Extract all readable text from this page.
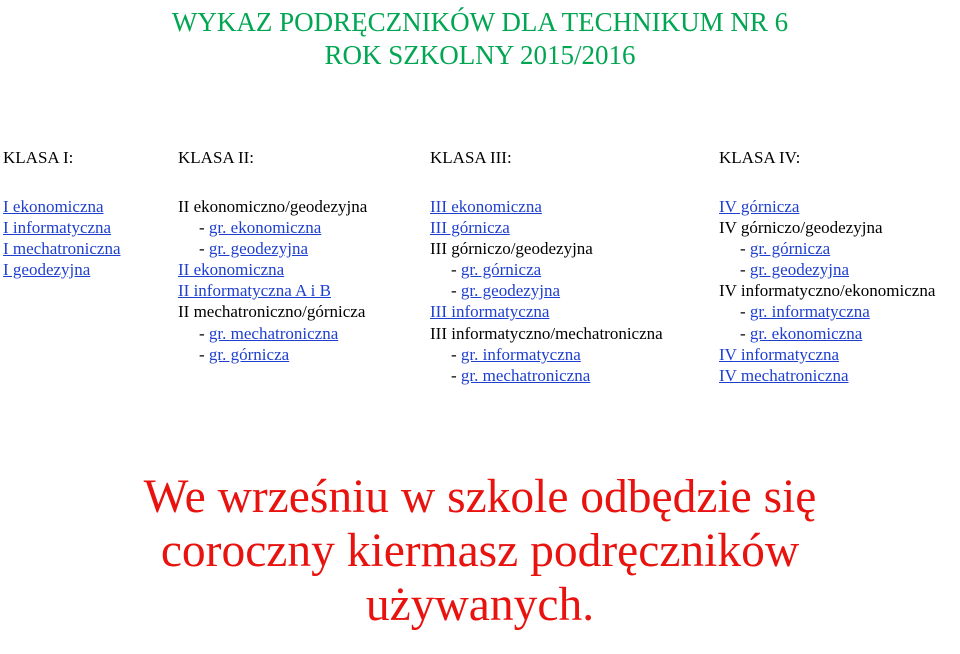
WYKAZ PODRĘCZNIKÓW DLA TECHNIKUM NR 6
ROK SZKOLNY 2015/2016
KLASA I:
I ekonomiczna
I informatyczna
I mechatroniczna
I geodezyjna
KLASA II:
II ekonomiczno/geodezyjna
- gr. ekonomiczna
- gr. geodezyjna
II ekonomiczna
II informatyczna A i B
II mechatroniczno/górnicza
- gr. mechatroniczna
- gr. górnicza
KLASA III:
III ekonomiczna
III górnicza
III górniczo/geodezyjna
- gr. górnicza
- gr. geodezyjna
III informatyczna
III informatyczno/mechatroniczna
- gr. informatyczna
- gr. mechatroniczna
KLASA IV:
IV górnicza
IV górniczo/geodezyjna
- gr. górnicza
- gr. geodezyjna
IV informatyczno/ekonomiczna
- gr. informatyczna
- gr. ekonomiczna
IV informatyczna
IV mechatroniczna
We wrześniu w szkole odbędzie się
coroczny kiermasz podręczników
używanych.
